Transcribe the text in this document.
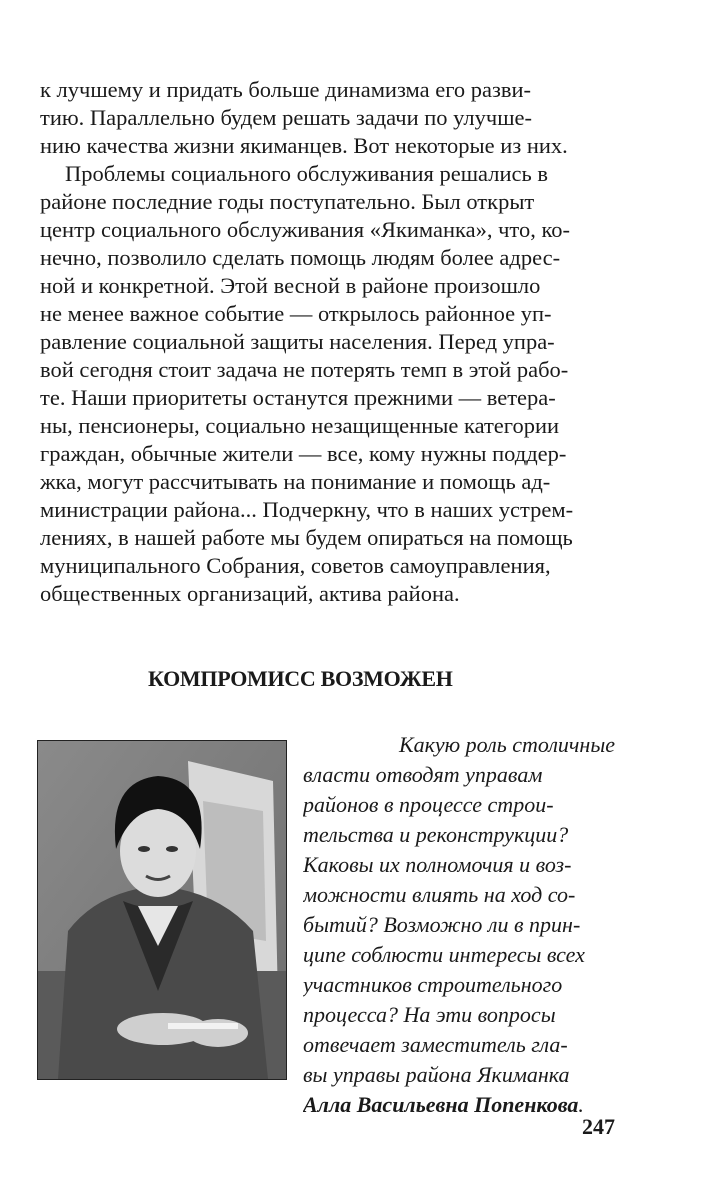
к лучшему и придать больше динамизма его разви-
тию. Параллельно будем решать задачи по улучше-
нию качества жизни якиманцев. Вот некоторые из них.
Проблемы социального обслуживания решались в
районе последние годы поступательно. Был открыт
центр социального обслуживания «Якиманка», что, ко-
нечно, позволило сделать помощь людям более адрес-
ной и конкретной. Этой весной в районе произошло
не менее важное событие — открылось районное уп-
равление социальной защиты населения. Перед упра-
вой сегодня стоит задача не потерять темп в этой рабо-
те. Наши приоритеты останутся прежними — ветера-
ны, пенсионеры, социально незащищенные категории
граждан, обычные жители — все, кому нужны поддер-
жка, могут рассчитывать на понимание и помощь ад-
министрации района... Подчеркну, что в наших устрем-
лениях, в нашей работе мы будем опираться на помощь
муниципального Собрания, советов самоуправления,
общественных организаций, актива района.
КОМПРОМИСС ВОЗМОЖЕН
Какую роль столичные
власти отводят управам
районов в процессе строи-
тельства и реконструкции?
Каковы их полномочия и воз-
можности влиять на ход со-
бытий? Возможно ли в прин-
ципе соблюсти интересы всех
участников строительного
процесса? На эти вопросы
отвечает заместитель гла-
вы управы района Якиманка
Алла Васильевна Попенкова.
247
